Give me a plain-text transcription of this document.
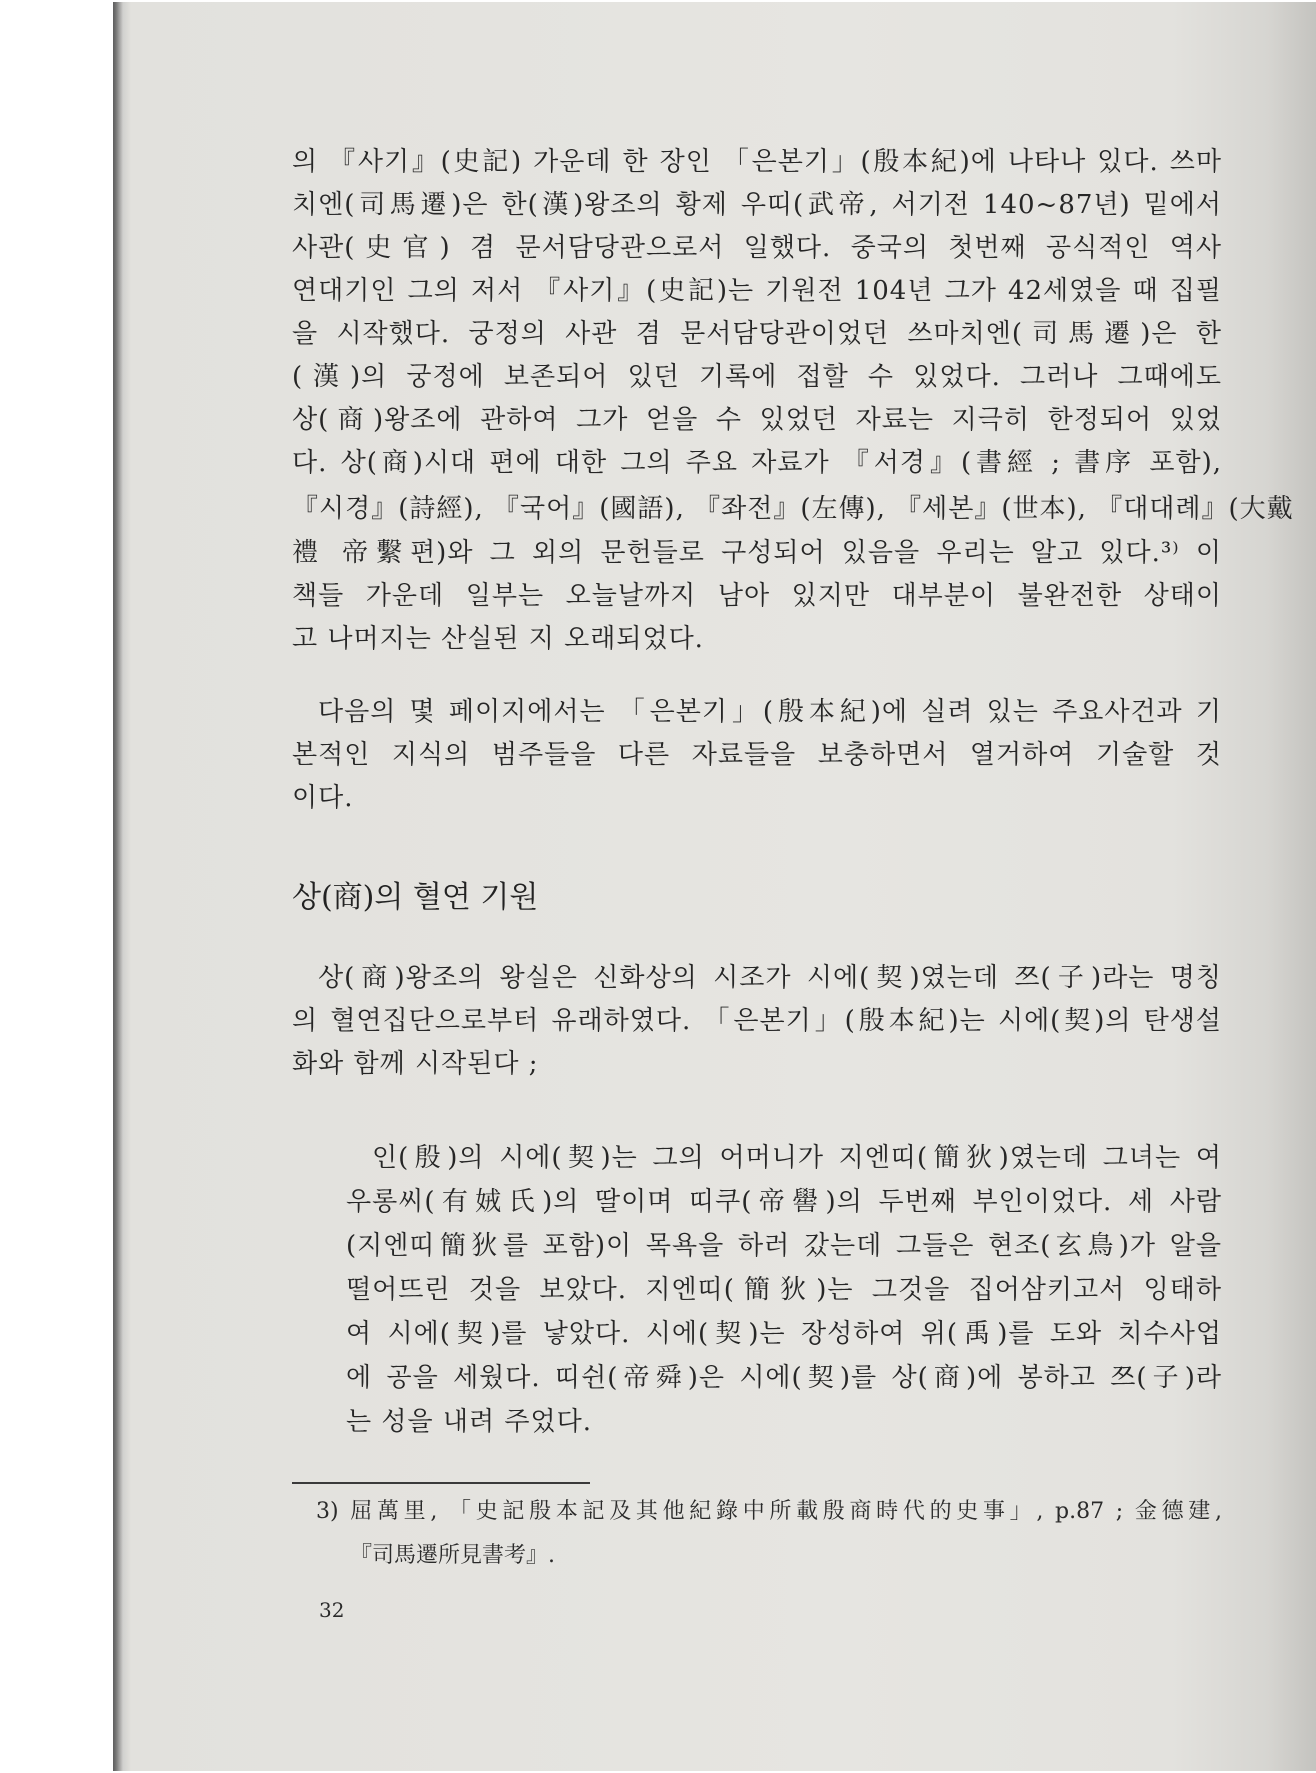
의 『사기』(史記) 가운데 한 장인 「은본기」(殷本紀)에 나타나 있다. 쓰마
치엔(司馬遷)은 한(漢)왕조의 황제 우띠(武帝, 서기전 140~87년) 밑에서
사관(史官) 겸 문서담당관으로서 일했다. 중국의 첫번째 공식적인 역사
연대기인 그의 저서 『사기』(史記)는 기원전 104년 그가 42세였을 때 집필
을 시작했다. 궁정의 사관 겸 문서담당관이었던 쓰마치엔(司馬遷)은 한
(漢)의 궁정에 보존되어 있던 기록에 접할 수 있었다. 그러나 그때에도
상(商)왕조에 관하여 그가 얻을 수 있었던 자료는 지극히 한정되어 있었
다. 상(商)시대 편에 대한 그의 주요 자료가 『서경』(書經 ; 書序 포함),
『시경』(詩經), 『국어』(國語), 『좌전』(左傳), 『세본』(世本), 『대대례』(大戴
禮 帝繫편)와 그 외의 문헌들로 구성되어 있음을 우리는 알고 있다.³⁾ 이
책들 가운데 일부는 오늘날까지 남아 있지만 대부분이 불완전한 상태이
고 나머지는 산실된 지 오래되었다.
다음의 몇 페이지에서는 「은본기」(殷本紀)에 실려 있는 주요사건과 기
본적인 지식의 범주들을 다른 자료들을 보충하면서 열거하여 기술할 것
이다.
상(商)의 혈연 기원
상(商)왕조의 왕실은 신화상의 시조가 시에(契)였는데 쯔(子)라는 명칭
의 혈연집단으로부터 유래하였다. 「은본기」(殷本紀)는 시에(契)의 탄생설
화와 함께 시작된다 ;
인(殷)의 시에(契)는 그의 어머니가 지엔띠(簡狄)였는데 그녀는 여
우롱씨(有娀氏)의 딸이며 띠쿠(帝嚳)의 두번째 부인이었다. 세 사람
(지엔띠簡狄를 포함)이 목욕을 하러 갔는데 그들은 현조(玄鳥)가 알을
떨어뜨린 것을 보았다. 지엔띠(簡狄)는 그것을 집어삼키고서 잉태하
여 시에(契)를 낳았다. 시에(契)는 장성하여 위(禹)를 도와 치수사업
에 공을 세웠다. 띠쉰(帝舜)은 시에(契)를 상(商)에 봉하고 쯔(子)라
는 성을 내려 주었다.
3) 屈萬里, 「史記殷本記及其他紀錄中所載殷商時代的史事」, p.87 ; 金德建,
『司馬遷所見書考』.
32
